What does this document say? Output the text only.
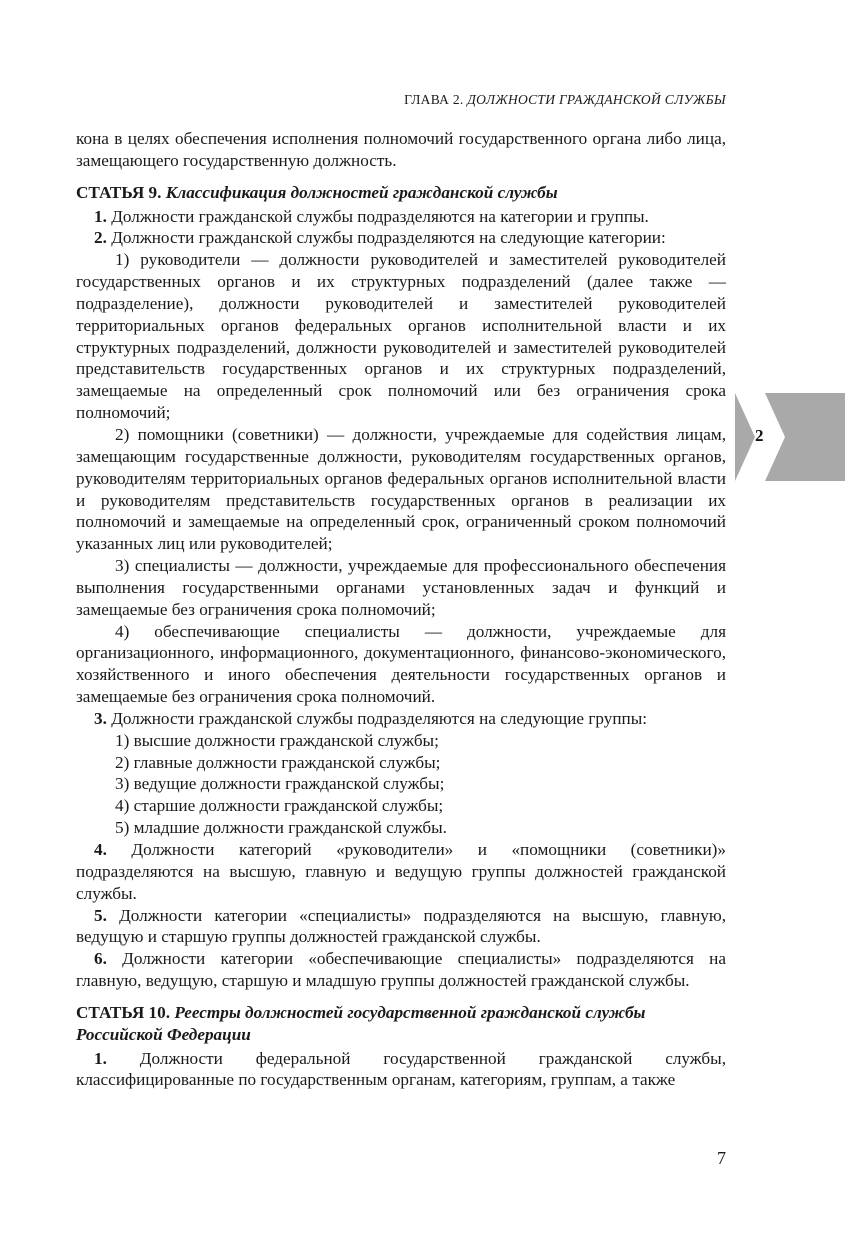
ГЛАВА 2. ДОЛЖНОСТИ ГРАЖДАНСКОЙ СЛУЖБЫ

кона в целях обеспечения исполнения полномочий государственного органа либо лица, замещающего государственную должность.

СТАТЬЯ 9. Классификация должностей гражданской службы

1. Должности гражданской службы подразделяются на категории и группы.

2. Должности гражданской службы подразделяются на следующие категории:

1) руководители — должности руководителей и заместителей руководителей государственных органов и их структурных подразделений (далее также — подразделение), должности руководителей и заместителей руководителей территориальных органов федеральных органов исполнительной власти и их структурных подразделений, должности руководителей и заместителей руководителей представительств государственных органов и их структурных подразделений, замещаемые на определенный срок полномочий или без ограничения срока полномочий;

2) помощники (советники) — должности, учреждаемые для содействия лицам, замещающим государственные должности, руководителям государственных органов, руководителям территориальных органов федеральных органов исполнительной власти и руководителям представительств государственных органов в реализации их полномочий и замещаемые на определенный срок, ограниченный сроком полномочий указанных лиц или руководителей;

3) специалисты — должности, учреждаемые для профессионального обеспечения выполнения государственными органами установленных задач и функций и замещаемые без ограничения срока полномочий;

4) обеспечивающие специалисты — должности, учреждаемые для организационного, информационного, документационного, финансово-экономического, хозяйственного и иного обеспечения деятельности государственных органов и замещаемые без ограничения срока полномочий.

3. Должности гражданской службы подразделяются на следующие группы:

1) высшие должности гражданской службы;

2) главные должности гражданской службы;

3) ведущие должности гражданской службы;

4) старшие должности гражданской службы;

5) младшие должности гражданской службы.

4. Должности категорий «руководители» и «помощники (советники)» подразделяются на высшую, главную и ведущую группы должностей гражданской службы.

5. Должности категории «специалисты» подразделяются на высшую, главную, ведущую и старшую группы должностей гражданской службы.

6. Должности категории «обеспечивающие специалисты» подразделяются на главную, ведущую, старшую и младшую группы должностей гражданской службы.

СТАТЬЯ 10. Реестры должностей государственной гражданской службы Российской Федерации

1. Должности федеральной государственной гражданской службы, классифицированные по государственным органам, категориям, группам, а также

2
7
